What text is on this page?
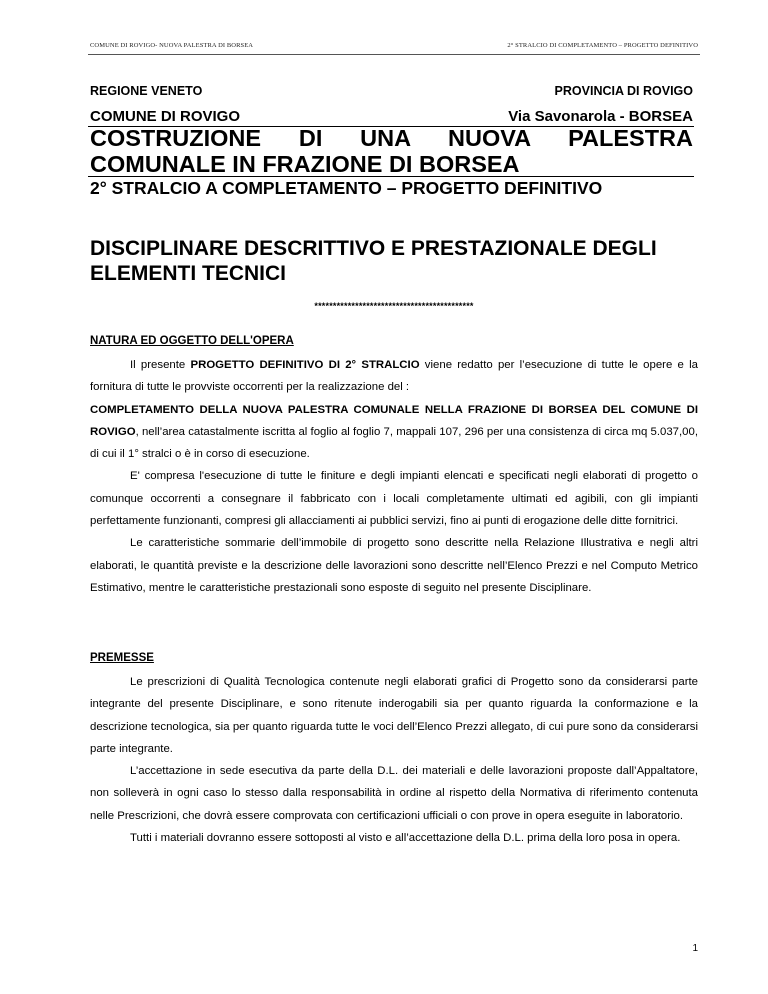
COMUNE DI ROVIGO- NUOVA PALESTRA DI BORSEA	2° STRALCIO DI COMPLETAMENTO – PROGETTO DEFINITIVO
REGIONE VENETO	PROVINCIA DI ROVIGO
COMUNE DI ROVIGO	Via Savonarola - BORSEA
COSTRUZIONE DI UNA NUOVA PALESTRA COMUNALE IN FRAZIONE DI BORSEA
2° STRALCIO A COMPLETAMENTO – PROGETTO DEFINITIVO
DISCIPLINARE DESCRITTIVO E PRESTAZIONALE DEGLI ELEMENTI TECNICI
*******************************************
NATURA ED OGGETTO DELL'OPERA

Il presente PROGETTO DEFINITIVO DI 2° STRALCIO viene redatto per l’esecuzione di tutte le opere e la fornitura di tutte le provviste occorrenti per la realizzazione del :

COMPLETAMENTO DELLA NUOVA PALESTRA COMUNALE NELLA FRAZIONE DI BORSEA DEL COMUNE DI ROVIGO, nell’area catastalmente iscritta al foglio al foglio 7, mappali 107, 296 per una consistenza di circa mq 5.037,00, di cui il 1° stralci o è in corso di esecuzione.

E' compresa l'esecuzione di tutte le finiture e degli impianti elencati e specificati negli elaborati di progetto o comunque occorrenti a consegnare il fabbricato con i locali completamente ultimati ed agibili, con gli impianti perfettamente funzionanti, compresi gli allacciamenti ai pubblici servizi, fino ai punti di erogazione delle ditte fornitrici.

Le caratteristiche sommarie dell’immobile di progetto sono descritte nella Relazione Illustrativa e negli altri elaborati, le quantità previste e la descrizione delle lavorazioni sono descritte nell’Elenco Prezzi e nel Computo Metrico Estimativo, mentre le caratteristiche prestazionali sono esposte di seguito nel presente Disciplinare.

PREMESSE

Le prescrizioni di Qualità Tecnologica contenute negli elaborati grafici di Progetto sono da considerarsi parte integrante del presente Disciplinare, e sono ritenute inderogabili sia per quanto riguarda la conformazione e la descrizione tecnologica, sia per quanto riguarda tutte le voci dell’Elenco Prezzi allegato, di cui pure sono da considerarsi parte integrante.

L’accettazione in sede esecutiva da parte della D.L. dei materiali e delle lavorazioni proposte dall’Appaltatore, non solleverà in ogni caso lo stesso dalla responsabilità in ordine al rispetto della Normativa di riferimento contenuta nelle Prescrizioni, che dovrà essere comprovata con certificazioni ufficiali o con prove in opera eseguite in laboratorio.

Tutti i materiali dovranno essere sottoposti al visto e all’accettazione della D.L. prima della loro posa in opera.

1
